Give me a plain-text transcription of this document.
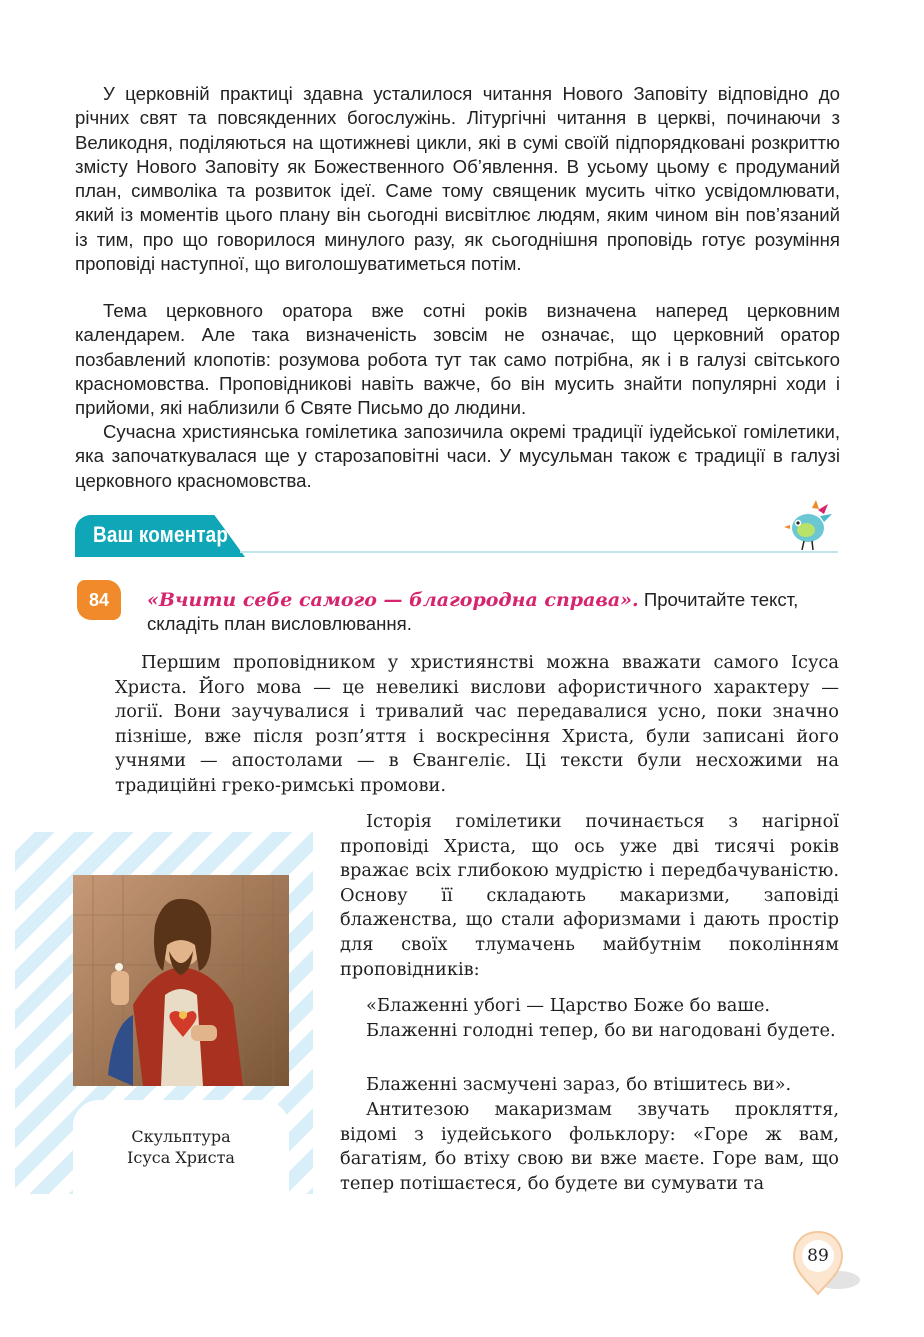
У церковній практиці здавна усталилося читання Нового Заповіту відповідно до річних свят та повсякденних богослужінь. Літургічні читання в церкві, починаючи з Великодня, поділяються на щотижневі цикли, які в сумі своїй підпорядковані розкриттю змісту Нового Заповіту як Божественного Об’явлення. В усьому цьому є продуманий план, символіка та розвиток ідеї. Саме тому священик мусить чітко усвідомлювати, який із моментів цього плану він сьогодні висвітлює людям, яким чином він пов’язаний із тим, про що говорилося минулого разу, як сьогоднішня проповідь готує розуміння проповіді наступної, що виголошуватиметься потім.

Тема церковного оратора вже сотні років визначена наперед церковним календарем. Але така визначеність зовсім не означає, що церковний оратор позбавлений клопотів: розумова робота тут так само потрібна, як і в галузі світського красномовства. Проповідникові навіть важче, бо він мусить знайти популярні ходи і прийоми, які наблизили б Святе Письмо до людини.

Сучасна християнська гомілетика запозичила окремі традиції іудейської гомілетики, яка започаткувалася ще у старозаповітні часи. У мусульман також є традиції в галузі церковного красномовства.

Ваш коментар
84	«Вчити себе самого — благородна справа». Прочитайте текст, складіть план висловлювання.

Першим проповідником у християнстві можна вважати самого Ісуса Христа. Його мова — це невеликі вислови афористичного характеру — логії. Вони заучувалися і тривалий час передавалися усно, поки значно пізніше, вже після розп’яття і воскресіння Христа, були записані його учнями — апостолами — в Євангеліє. Ці тексти були несхожими на традиційні греко-римські промови.

Історія гомілетики починається з нагірної проповіді Христа, що ось уже дві тисячі років вражає всіх глибокою мудрістю і передбачуваністю. Основу її складають макаризми, заповіді блаженства, що стали афоризмами і дають простір для своїх тлумачень майбутнім поколінням проповідників:

«Блаженні убогі — Царство Боже бо ваше.

Блаженні голодні тепер, бо ви нагодовані будете.

Блаженні засмучені зараз, бо втішитесь ви».

Антитезою макаризмам звучать прокляття, відомі з іудейського фольклору: «Горе ж вам, багатіям, бо втіху свою ви вже маєте. Горе вам, що тепер потішаєтеся, бо будете ви сумувати та

Скульптура
Ісуса Христа
89
